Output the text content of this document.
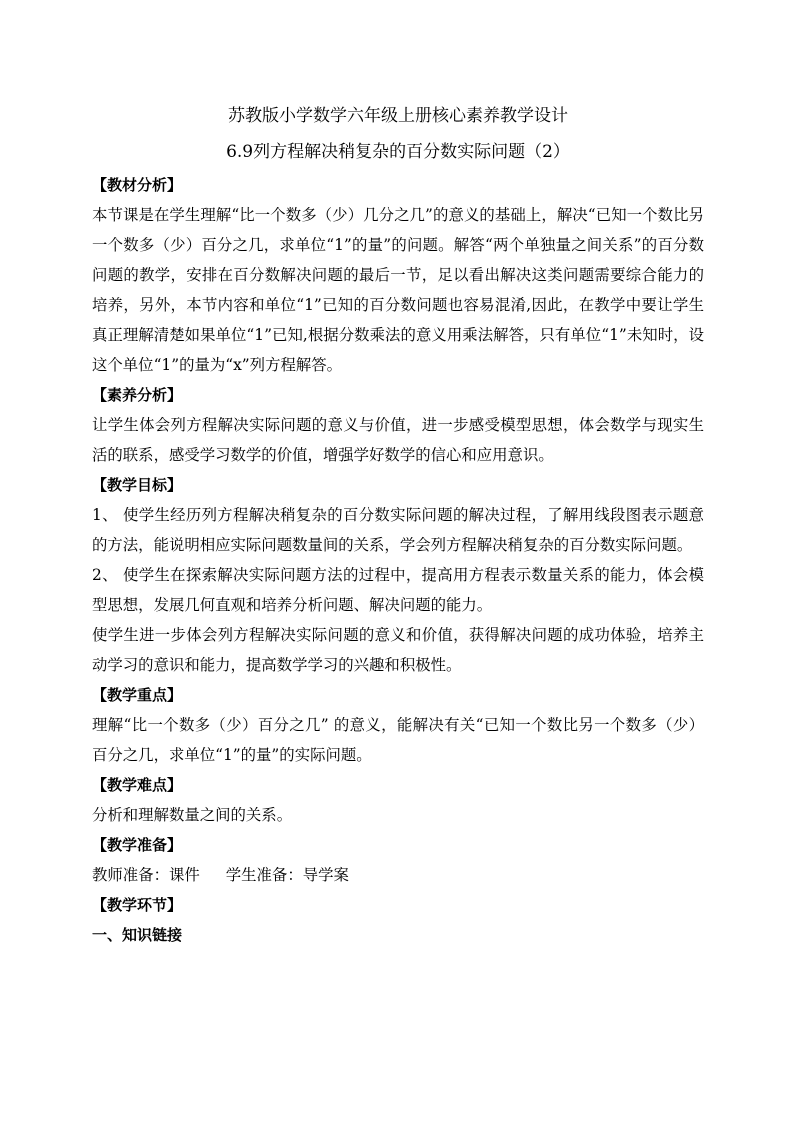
苏教版小学数学六年级上册核心素养教学设计
6.9列方程解决稍复杂的百分数实际问题（2）
【教材分析】
本节课是在学生理解“比一个数多（少）几分之几”的意义的基础上，解决“已知一个数比另一个数多（少）百分之几，求单位“1”的量”的问题。解答“两个单独量之间关系”的百分数问题的教学，安排在百分数解决问题的最后一节，足以看出解决这类问题需要综合能力的培养，另外，本节内容和单位“1”已知的百分数问题也容易混淆,因此，在教学中要让学生真正理解清楚如果单位“1”已知,根据分数乘法的意义用乘法解答，只有单位“1”未知时，设这个单位“1”的量为“x”列方程解答。
【素养分析】
让学生体会列方程解决实际问题的意义与价值，进一步感受模型思想，体会数学与现实生活的联系，感受学习数学的价值，增强学好数学的信心和应用意识。
【教学目标】
1、 使学生经历列方程解决稍复杂的百分数实际问题的解决过程，了解用线段图表示题意的方法，能说明相应实际问题数量间的关系，学会列方程解决稍复杂的百分数实际问题。
2、 使学生在探索解决实际问题方法的过程中，提高用方程表示数量关系的能力，体会模型思想，发展几何直观和培养分析问题、解决问题的能力。
使学生进一步体会列方程解决实际问题的意义和价值，获得解决问题的成功体验，培养主动学习的意识和能力，提高数学学习的兴趣和积极性。
【教学重点】
理解“比一个数多（少）百分之几” 的意义，能解决有关“已知一个数比另一个数多（少）百分之几，求单位“1”的量”的实际问题。
【教学难点】
分析和理解数量之间的关系。
【教学准备】
教师准备：课件 学生准备：导学案
【教学环节】
一、知识链接
